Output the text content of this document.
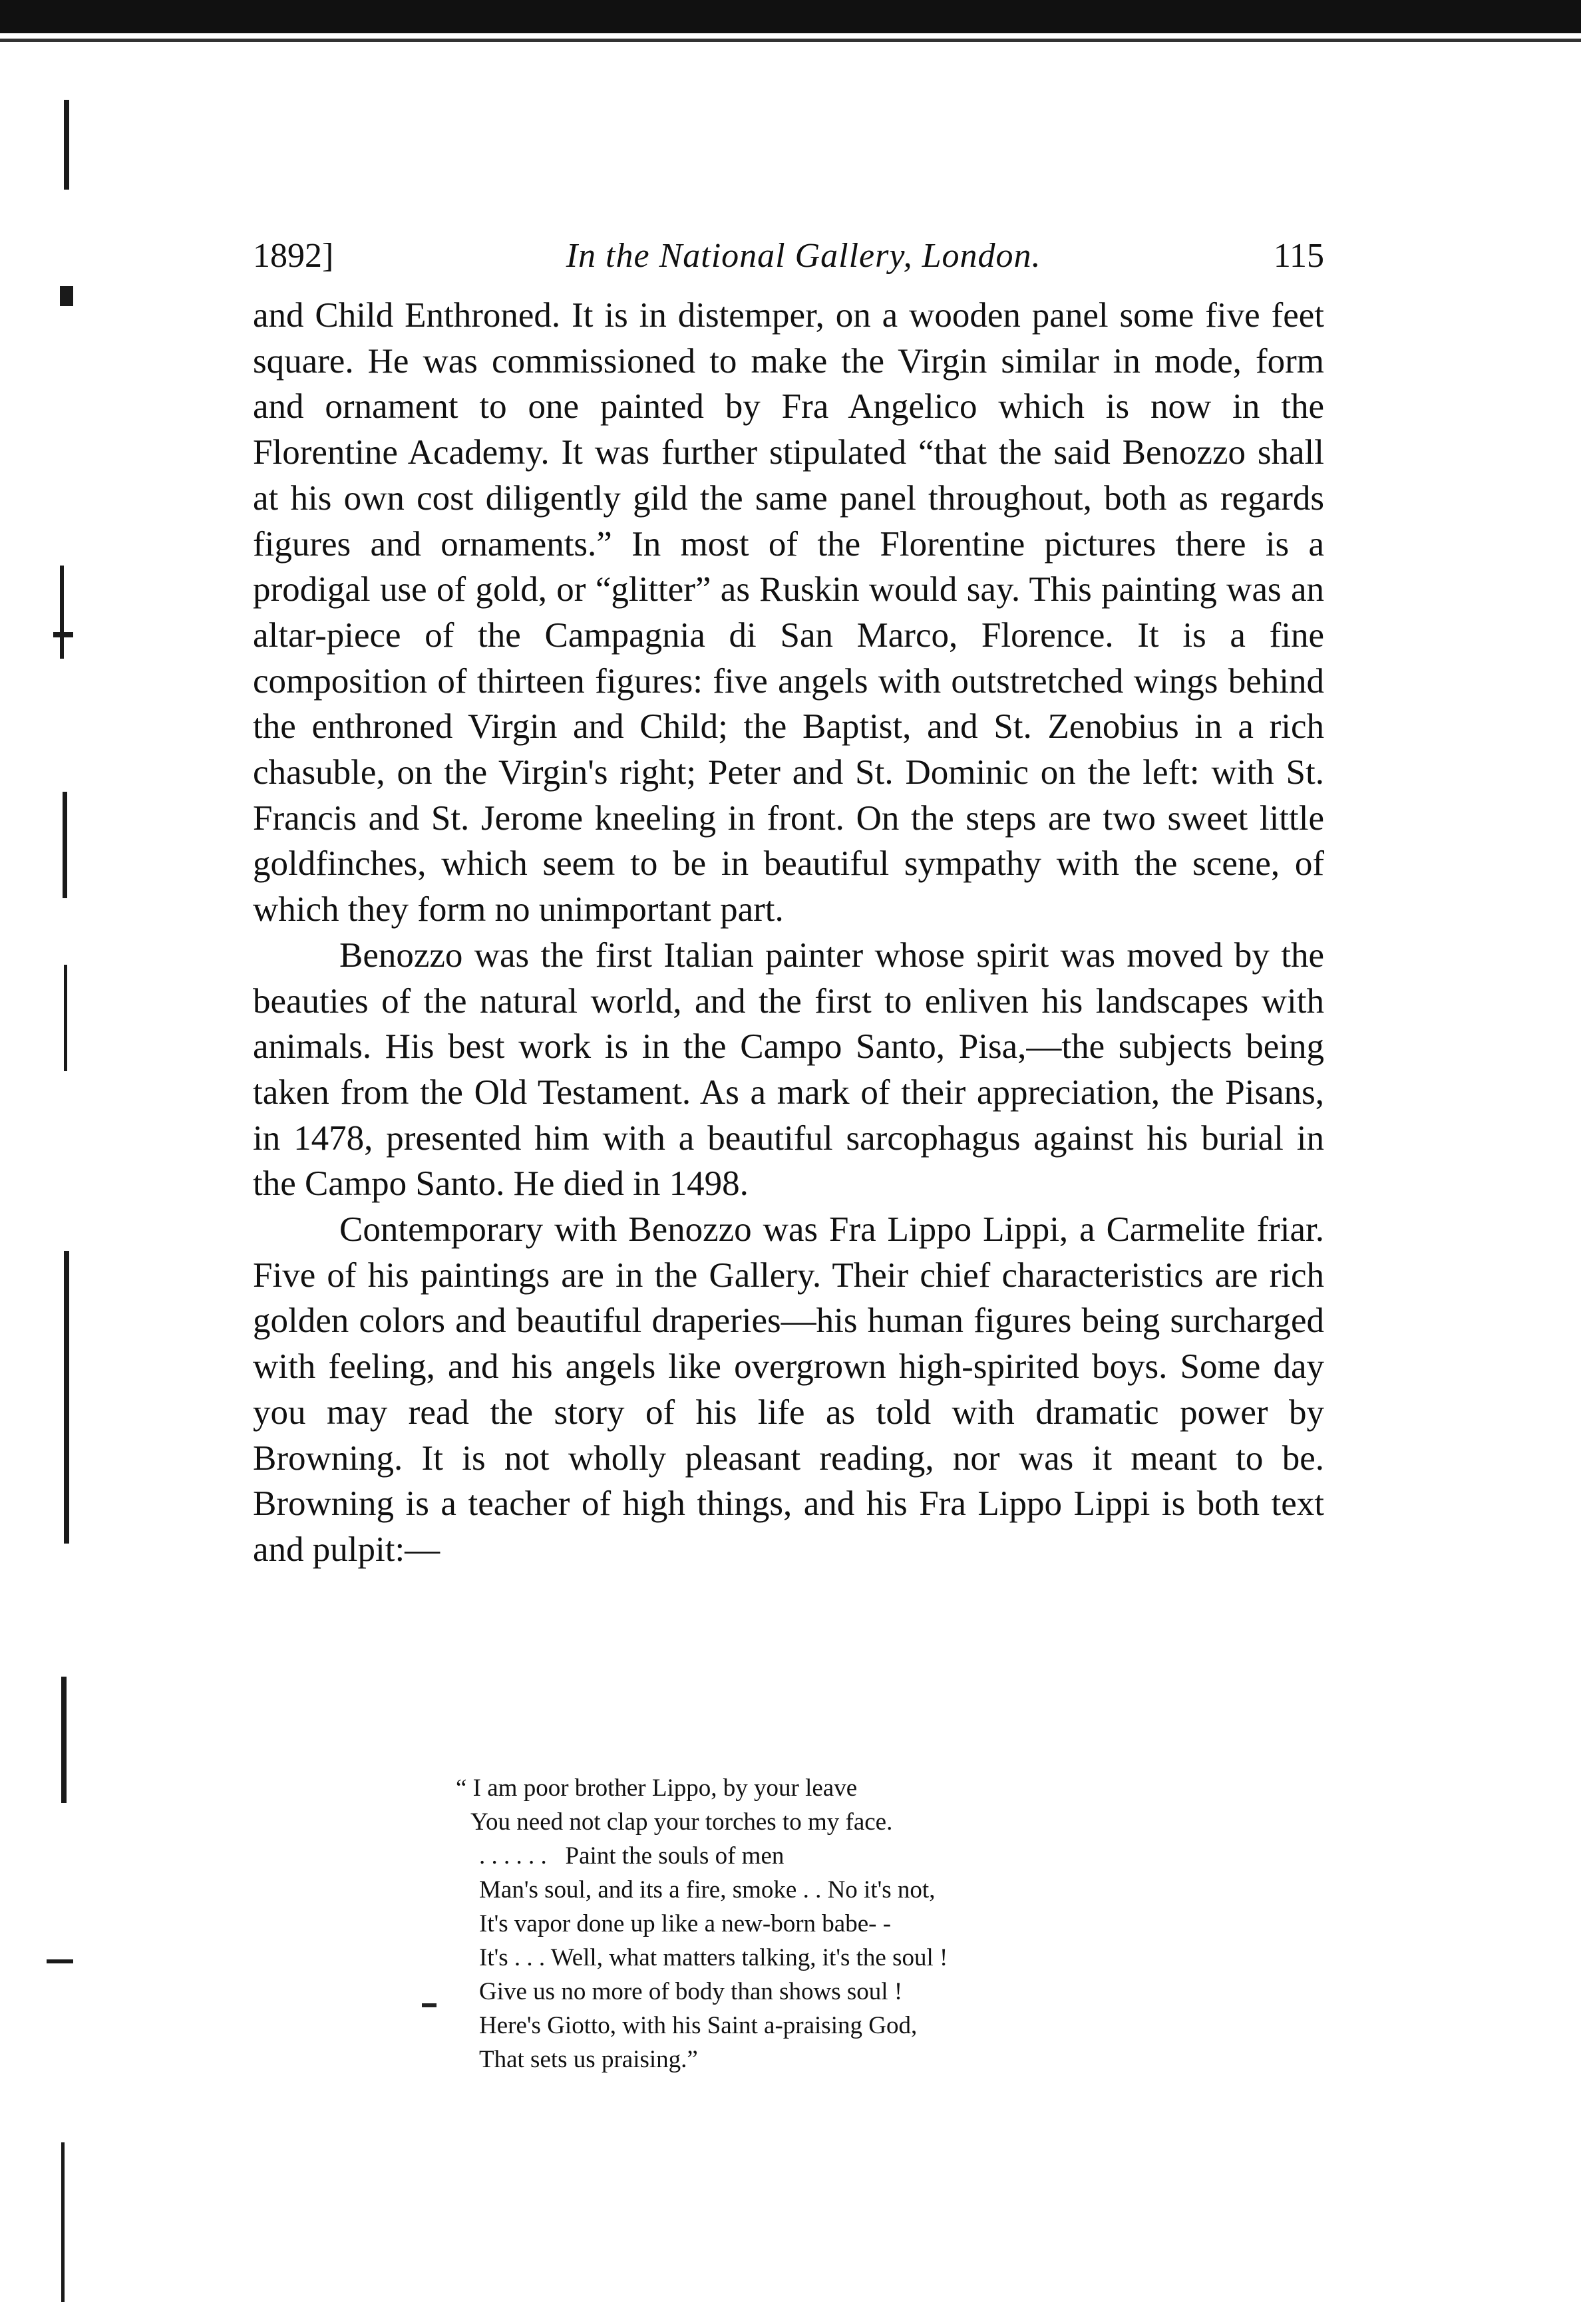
1892]	In the National Gallery, London.	115

and Child Enthroned. It is in distemper, on a wooden panel some five feet square. He was commissioned to make the Virgin similar in mode, form and ornament to one painted by Fra Angelico which is now in the Florentine Academy. It was further stipulated “that the said Benozzo shall at his own cost diligently gild the same panel throughout, both as regards figures and ornaments.” In most of the Florentine pictures there is a prodigal use of gold, or “glitter” as Ruskin would say. This painting was an altar-piece of the Campagnia di San Marco, Florence. It is a fine composition of thirteen figures: five angels with outstretched wings behind the enthroned Virgin and Child; the Baptist, and St. Zenobius in a rich chasuble, on the Virgin's right; Peter and St. Dominic on the left: with St. Francis and St. Jerome kneeling in front. On the steps are two sweet little goldfinches, which seem to be in beautiful sympathy with the scene, of which they form no unimportant part.

Benozzo was the first Italian painter whose spirit was moved by the beauties of the natural world, and the first to enliven his landscapes with animals. His best work is in the Campo Santo, Pisa,—the subjects being taken from the Old Testament. As a mark of their appreciation, the Pisans, in 1478, presented him with a beautiful sarcophagus against his burial in the Campo Santo. He died in 1498.

Contemporary with Benozzo was Fra Lippo Lippi, a Carmelite friar. Five of his paintings are in the Gallery. Their chief characteristics are rich golden colors and beautiful draperies—his human figures being surcharged with feeling, and his angels like overgrown high-spirited boys. Some day you may read the story of his life as told with dramatic power by Browning. It is not wholly pleasant reading, nor was it meant to be. Browning is a teacher of high things, and his Fra Lippo Lippi is both text and pulpit:—

“ I am poor brother Lippo, by your leave
You need not clap your torches to my face.
. . . . . .   Paint the souls of men
Man's soul, and its a fire, smoke . . No it's not,
It's vapor done up like a new-born babe- -
It's . . . Well, what matters talking, it's the soul !
Give us no more of body than shows soul !
Here's Giotto, with his Saint a-praising God,
That sets us praising.”
